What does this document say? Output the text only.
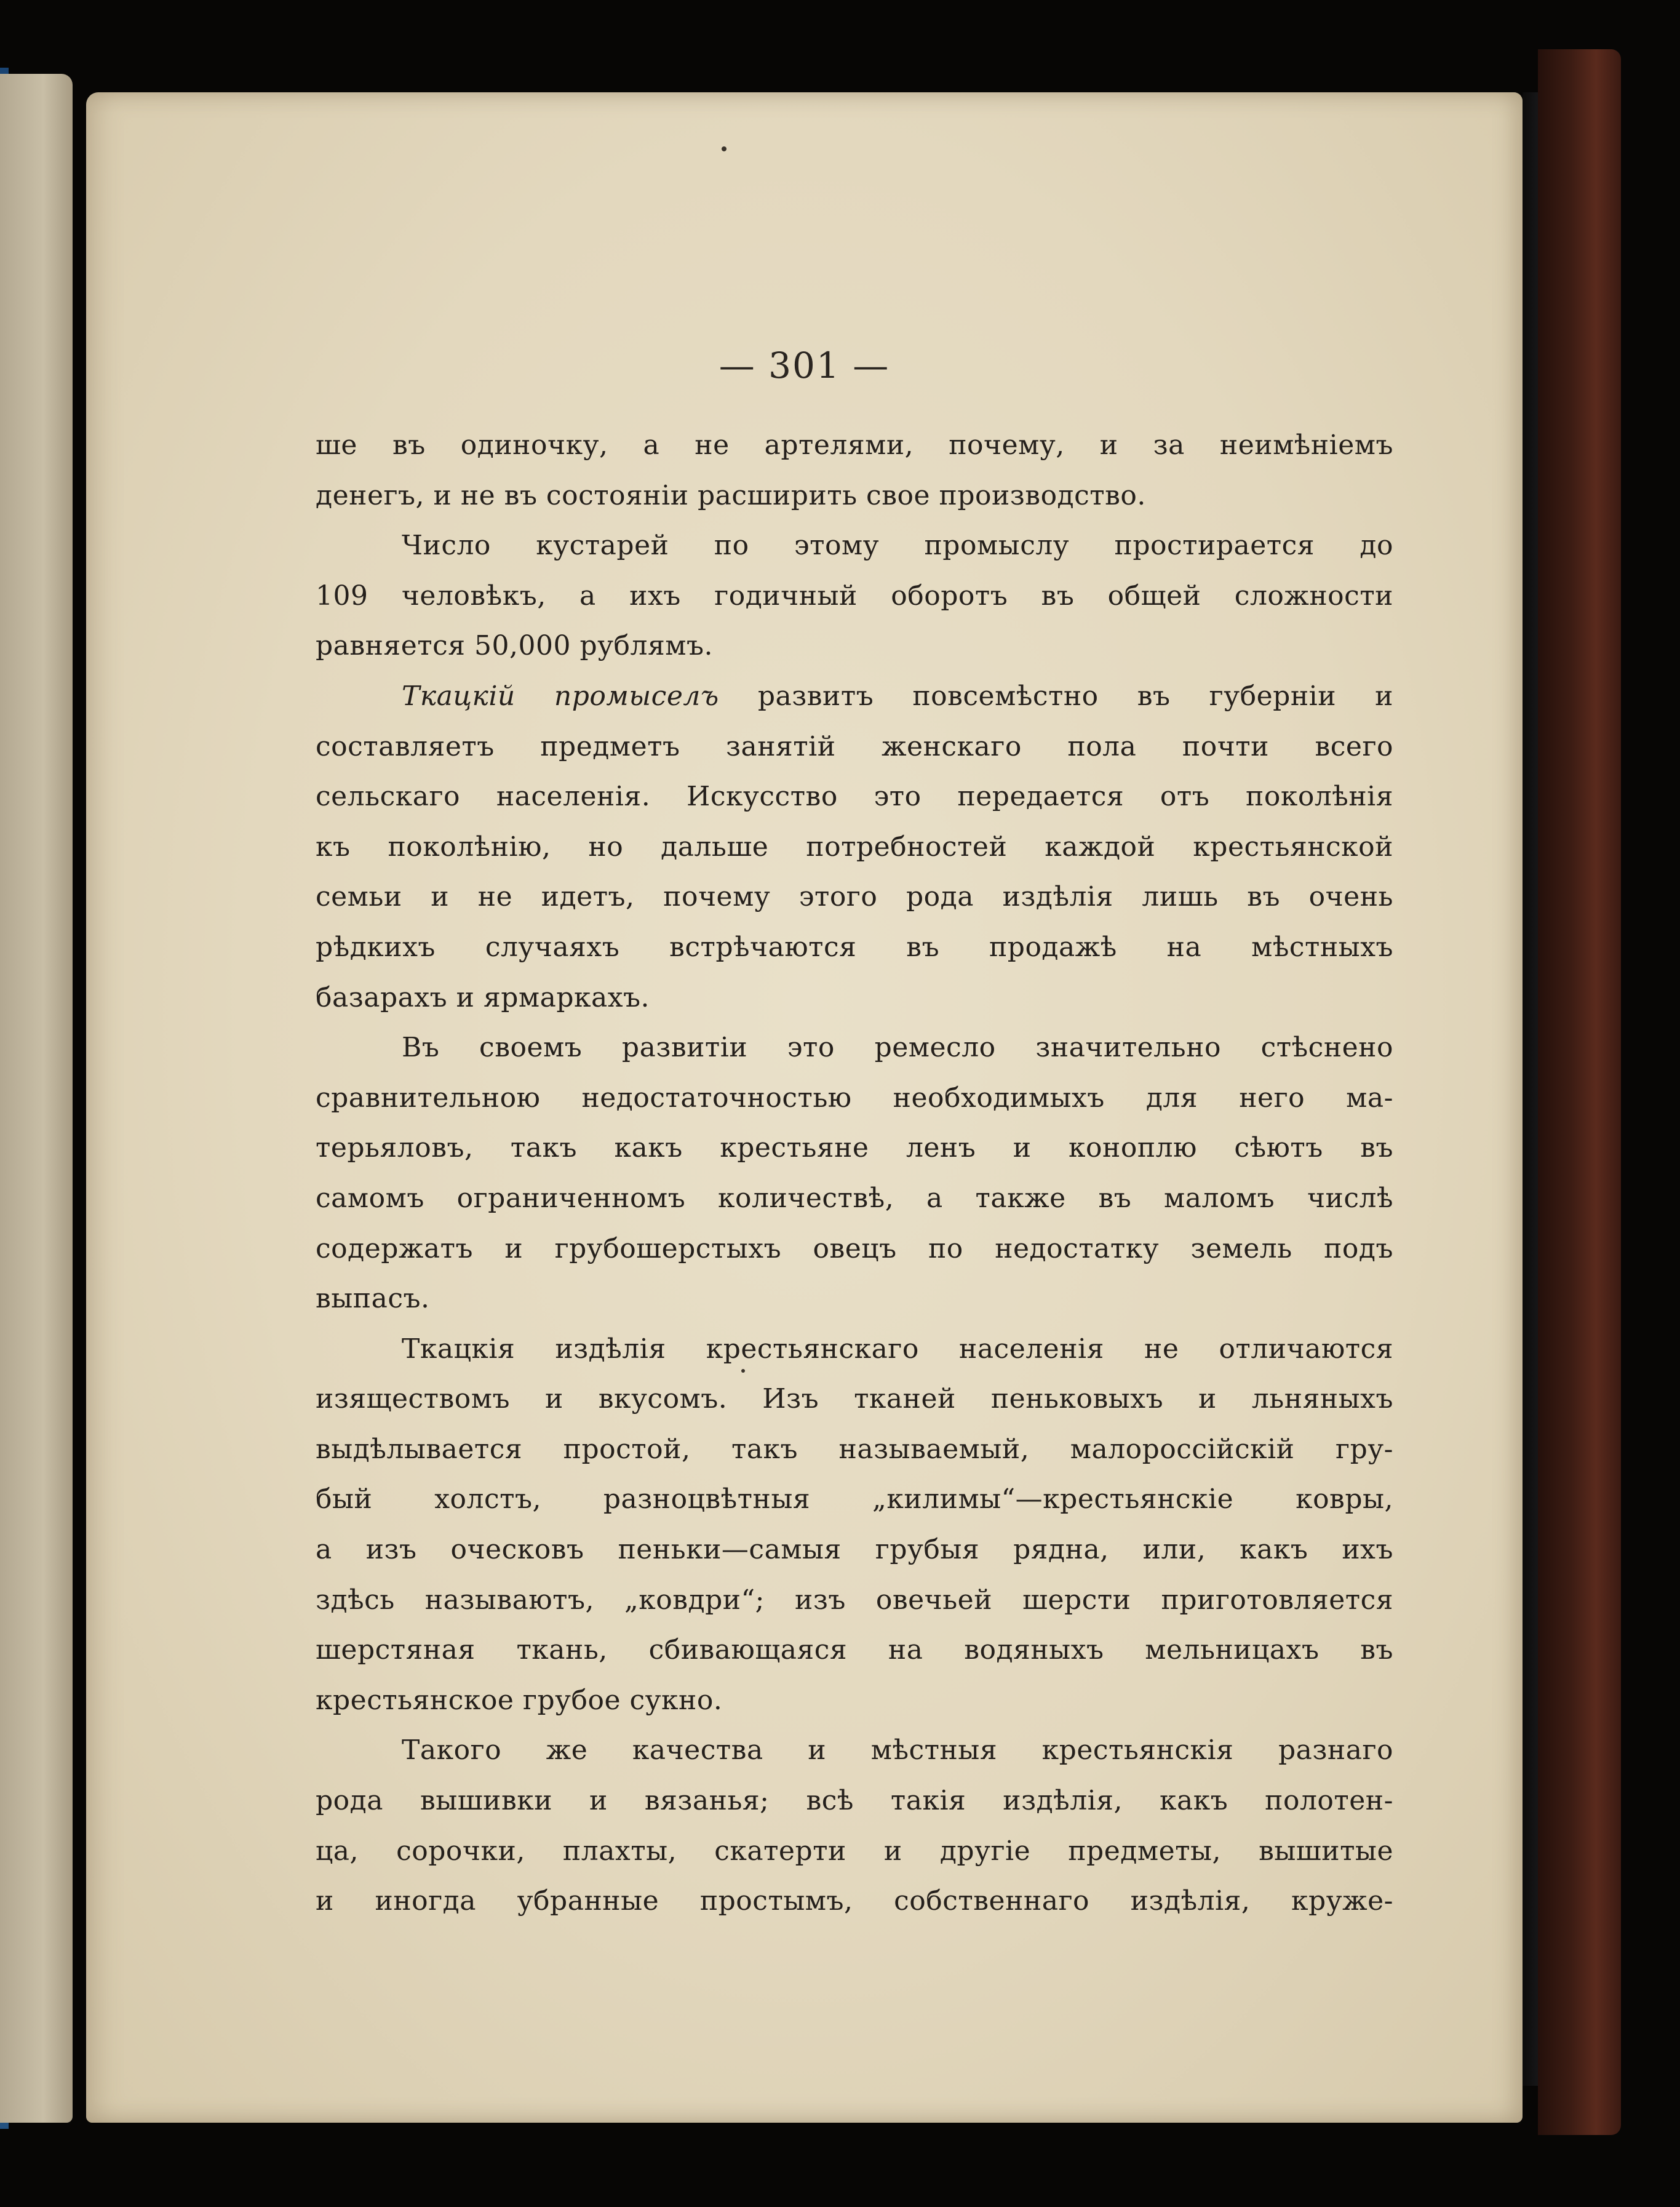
— 301 —
ше въ одиночку, а не артелями, почему, и за неимѣніемъ
денегъ, и не въ состояніи расширить свое производство.
Число кустарей по этому промыслу простирается до
109 человѣкъ, а ихъ годичный оборотъ въ общей сложности
равняется 50,000 рублямъ.
Ткацкій промыселъ развитъ повсемѣстно въ губерніи и
составляетъ предметъ занятій женскаго пола почти всего
сельскаго населенія. Искусство это передается отъ поколѣнія
къ поколѣнію, но дальше потребностей каждой крестьянской
семьи и не идетъ, почему этого рода издѣлія лишь въ очень
рѣдкихъ случаяхъ встрѣчаются въ продажѣ на мѣстныхъ
базарахъ и ярмаркахъ.
Въ своемъ развитіи это ремесло значительно стѣснено
сравнительною недостаточностью необходимыхъ для него ма-
терьяловъ, такъ какъ крестьяне ленъ и коноплю сѣютъ въ
самомъ ограниченномъ количествѣ, а также въ маломъ числѣ
содержатъ и грубошерстыхъ овецъ по недостатку земель подъ
выпасъ.
Ткацкія издѣлія крестьянскаго населенія не отличаются
изяществомъ и вкусомъ. Изъ тканей пеньковыхъ и льняныхъ
выдѣлывается простой, такъ называемый, малороссійскій гру-
бый холстъ, разноцвѣтныя „килимы“—крестьянскіе ковры,
а изъ оческовъ пеньки—самыя грубыя рядна, или, какъ ихъ
здѣсь называютъ, „ковдри“; изъ овечьей шерсти приготовляется
шерстяная ткань, сбивающаяся на водяныхъ мельницахъ въ
крестьянское грубое сукно.
Такого же качества и мѣстныя крестьянскія разнаго
рода вышивки и вязанья; всѣ такія издѣлія, какъ полотен-
ца, сорочки, плахты, скатерти и другіе предметы, вышитые
и иногда убранные простымъ, собственнаго издѣлія, круже-
